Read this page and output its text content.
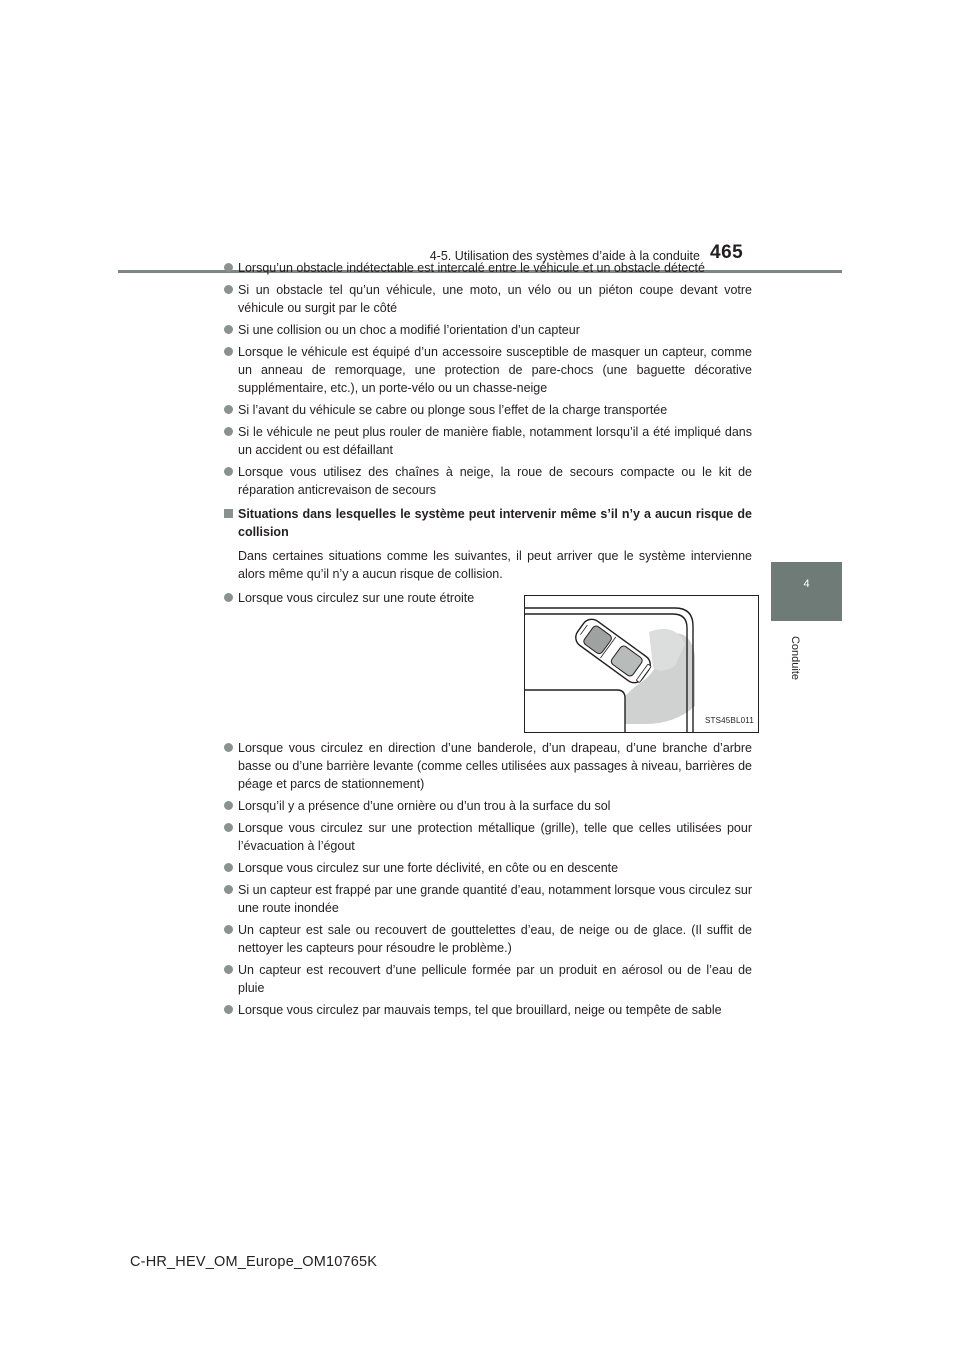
4-5. Utilisation des systèmes d’aide à la conduite 465
4
Conduite
Lorsqu’un obstacle indétectable est intercalé entre le véhicule et un obstacle détecté
Si un obstacle tel qu’un véhicule, une moto, un vélo ou un piéton coupe devant votre véhicule ou surgit par le côté
Si une collision ou un choc a modifié l’orientation d’un capteur
Lorsque le véhicule est équipé d’un accessoire susceptible de masquer un capteur, comme un anneau de remorquage, une protection de pare-chocs (une baguette décorative supplémentaire, etc.), un porte-vélo ou un chasse-neige
Si l’avant du véhicule se cabre ou plonge sous l’effet de la charge transportée
Si le véhicule ne peut plus rouler de manière fiable, notamment lorsqu’il a été impliqué dans un accident ou est défaillant
Lorsque vous utilisez des chaînes à neige, la roue de secours compacte ou le kit de réparation anticrevaison de secours
Situations dans lesquelles le système peut intervenir même s’il n’y a aucun risque de collision
Dans certaines situations comme les suivantes, il peut arriver que le système intervienne alors même qu’il n’y a aucun risque de collision.
Lorsque vous circulez sur une route étroite
STS45BL011
Lorsque vous circulez en direction d’une banderole, d’un drapeau, d’une branche d’arbre basse ou d’une barrière levante (comme celles utilisées aux passages à niveau, barrières de péage et parcs de stationnement)
Lorsqu’il y a présence d’une ornière ou d’un trou à la surface du sol
Lorsque vous circulez sur une protection métallique (grille), telle que celles utilisées pour l’évacuation à l’égout
Lorsque vous circulez sur une forte déclivité, en côte ou en descente
Si un capteur est frappé par une grande quantité d’eau, notamment lorsque vous circulez sur une route inondée
Un capteur est sale ou recouvert de gouttelettes d’eau, de neige ou de glace. (Il suffit de nettoyer les capteurs pour résoudre le problème.)
Un capteur est recouvert d’une pellicule formée par un produit en aérosol ou de l’eau de pluie
Lorsque vous circulez par mauvais temps, tel que brouillard, neige ou tempête de sable
C-HR_HEV_OM_Europe_OM10765K
